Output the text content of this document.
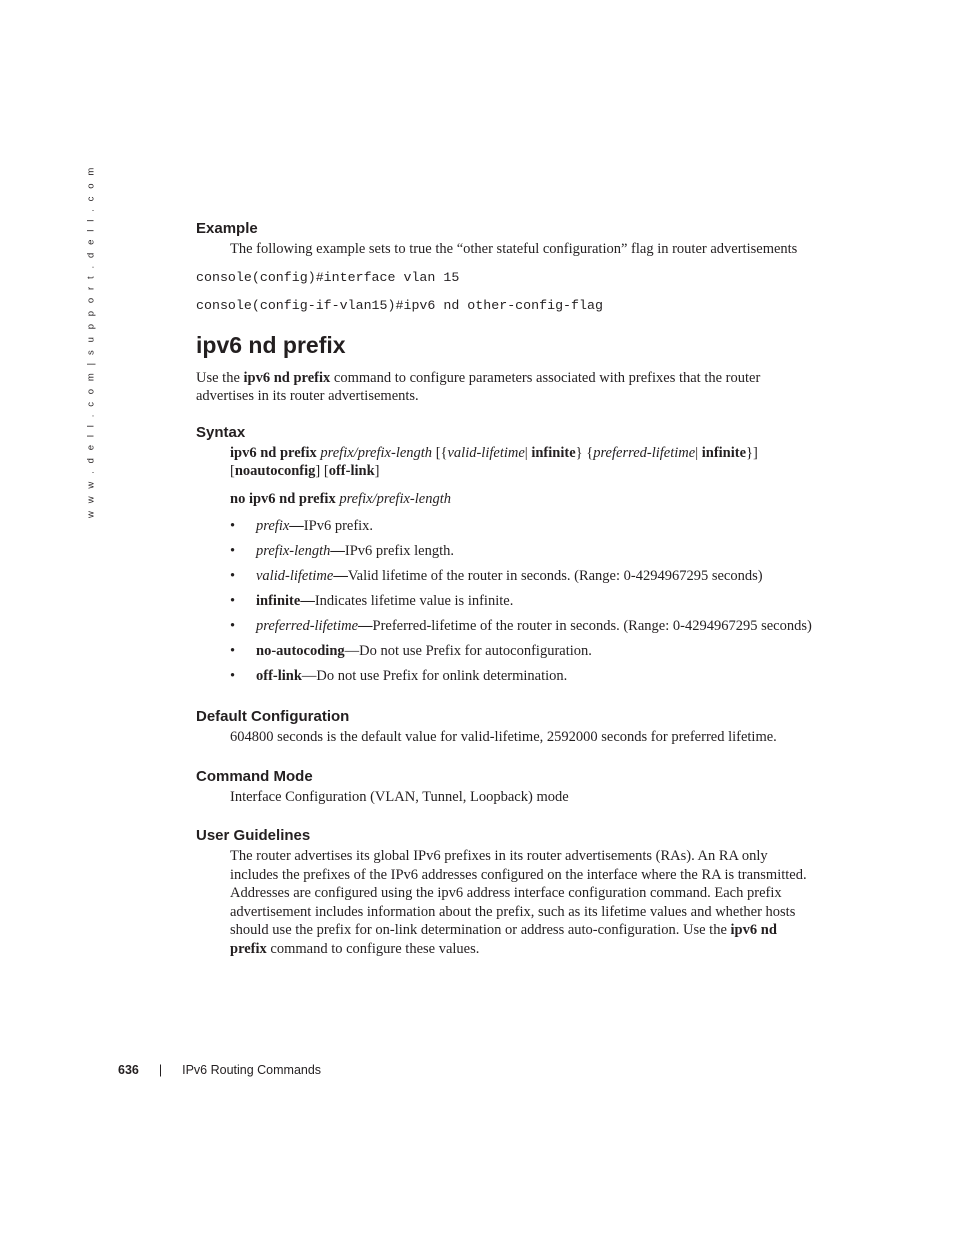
w w w . d e l l . c o m | s u p p o r t . d e l l . c o m	Example

The following example sets to true the “other stateful configuration” flag in router advertisements

console(config)#interface vlan 15

console(config-if-vlan15)#ipv6 nd other-config-flag

ipv6 nd prefix

Use the ipv6 nd prefix command to configure parameters associated with prefixes that the router advertises in its router advertisements.

Syntax

ipv6 nd prefix prefix/prefix-length [{valid-lifetime| infinite} {preferred-lifetime| infinite}] [noautoconfig] [off-link]

no ipv6 nd prefix prefix/prefix-length

• prefix—IPv6 prefix.
• prefix-length—IPv6 prefix length.
• valid-lifetime—Valid lifetime of the router in seconds. (Range: 0-4294967295 seconds)
• infinite—Indicates lifetime value is infinite.
• preferred-lifetime—Preferred-lifetime of the router in seconds. (Range: 0-4294967295 seconds)
• no-autocoding—Do not use Prefix for autoconfiguration.
• off-link—Do not use Prefix for onlink determination.
Default Configuration

604800 seconds is the default value for valid-lifetime, 2592000 seconds for preferred lifetime.

Command Mode

Interface Configuration (VLAN, Tunnel, Loopback) mode

User Guidelines

The router advertises its global IPv6 prefixes in its router advertisements (RAs). An RA only includes the prefixes of the IPv6 addresses configured on the interface where the RA is transmitted. Addresses are configured using the ipv6 address interface configuration command. Each prefix advertisement includes information about the prefix, such as its lifetime values and whether hosts should use the prefix for on-link determination or address auto-configuration. Use the ipv6 nd prefix command to configure these values.

636 | IPv6 Routing Commands
